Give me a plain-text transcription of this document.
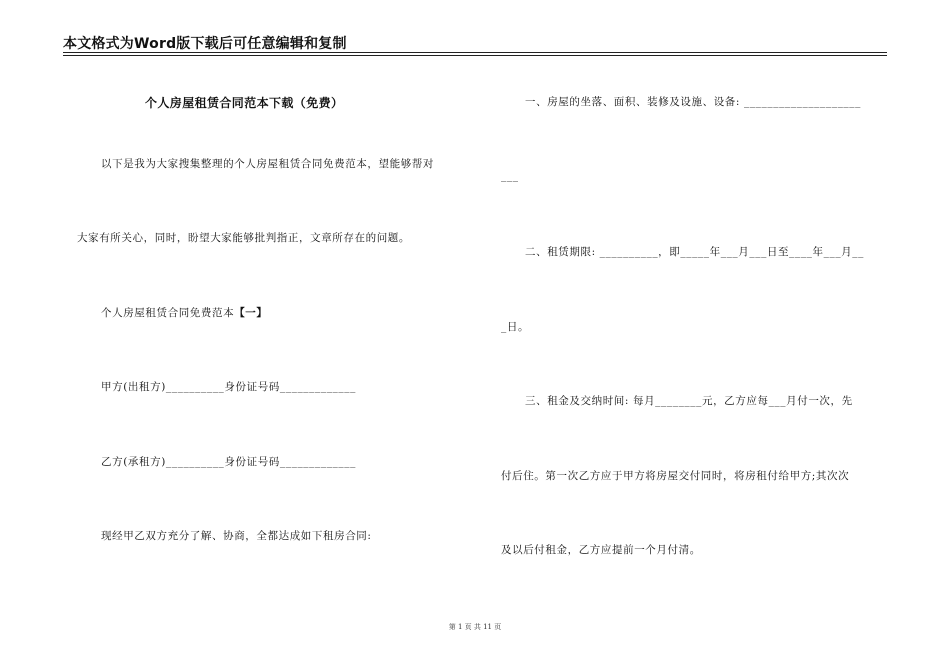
本文格式为Word版下载后可任意编辑和复制
个人房屋租赁合同范本下载（免费）
以下是我为大家搜集整理的个人房屋租赁合同免费范本，望能够帮对
大家有所关心，同时，盼望大家能够批判指正，文章所存在的问题。
个人房屋租赁合同免费范本【一】
甲方(出租方)__________身份证号码_____________
乙方(承租方)__________身份证号码_____________
现经甲乙双方充分了解、协商，全都达成如下租房合同:
一、房屋的坐落、面积、装修及设施、设备: ____________________
___
二、租赁期限: __________，即_____年___月___日至____年___月__
_日。
三、租金及交纳时间: 每月________元，乙方应每___月付一次，先
付后住。第一次乙方应于甲方将房屋交付同时，将房租付给甲方;其次次
及以后付租金，乙方应提前一个月付清。
第 1 页 共 11 页
